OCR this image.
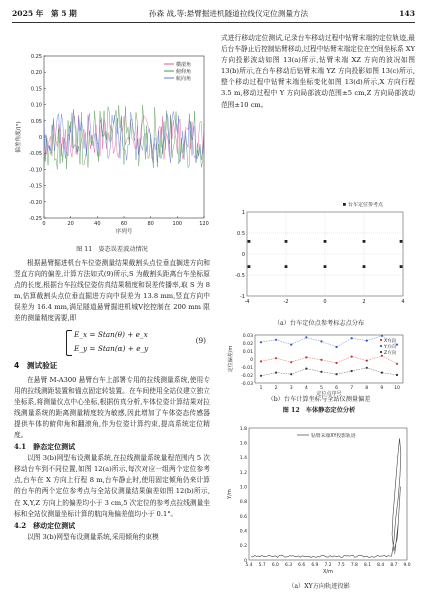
2025 年　第 5 期	孙森 战,等:悬臂掘进机隧道拉线仪定位测量方法	143
0.25
0.20
0.15
0.10
0.05
0
-0.05
-0.10
-0.15
-0.20
-0.25
0	20	40	60	80	100	120
序列号
偏差角度/(°)
横滚角
俯仰角
航向角
图 11　姿态误差波动情况

根据悬臂掘进机台车位姿测量结果截割头点位垂直搁进方向和竖直方向的偏差,计算方法如式(9)所示,S 为截割头距离台车坐标原点的长度,根据台车拉线位姿仿真结果精度和误差传播率,取 S 为 8 m,估算截割头点位垂直掘进方向中误差为 13.8 mm,竖直方向中误差为 16.4 mm,满足隧道悬臂掘进机城V挖控制在 200 mm 限差的测量精度需要,即

E_x = Stan(θ) + e_x
E_y = Stan(α) + e_y
(9)
4　测试验证

在悬臂 M-A300 悬臂台车上部署专用的拉线测量系统,使用专用的拉线测距装置和锚点固定转装置。在车间使用全站仪建立独立坐标系,将测量仪点中心坐标,根据仿真分析,车体位姿计算结果对拉线测量系统的距离测量精度较为敏感,因此增加了车体姿态传感器提供车体的俯仰角和翻滚角,作为位姿计算约束,提高系统定位精度。

4.1　静态定位测试

以图 3(b)网型布设测量系统,在拉线测量系统量程范围内 5 次移动台车到不同位置,如图 12(a)所示,每次对应一组两个定位参考点,台车在 X 方向上行程 8 m,台车静止时,使用固定倾角仍来计算的台车的两个定位参考点与全站仪测量结果偏差如图 12(b)所示,在 X,Y,Z 方向上的偏差均小于 3 cm,5 次定位的参考点拉线测量坐标和全站仪测量坐标计算的航向角偏差值均小于 0.1°。

4.2　移动定位测试

以图 3(b)网型布设测量系统,采用倾角约束模

式进行移动定位测试,记录台车移动过程中钻臂末端的定位轨迹,最后台车静止后控制钻臂移动,过程中钻臂末端定位在空间坐标系 XY 方向投影波动如图 13(a)所示,钻臂末端 XZ 方向的波况如图 13(b)所示,在台车移动后钻臂末端 YZ 方向投影如图 13(c)所示,整个移动过程中钻臂末端坐标变化如图 13(d)所示,X 方向行程 3.5 m,移动过程中 Y 方向局部波动范围±5 cm,Z 方向局部波动范围±10 cm。

1
0.5
0
-0.5
-1
-4	-2	0	2	4
台车定位参考点
（a）台车定位点参考标志点分布
0.03
0.02
0.01
0
-0.01
-0.02
-0.03
1	2	3	4	5	6	7	8	9 10
定位点序号
定位偏差/m
X方向
Y方向
Z方向
（b）台车计算坐标与全站仪测量偏差
图 12　车体静态定位分析
1.8
1.6
1.4
1.2
1.0
0.8
0.6
0.4
0.2
0
5.4 5.7 6.0 6.3 6.6 6.9 7.2 7.5 7.8 8.1 8.4 8.7 9.0
X/m
Y/m
钻臂末端XY投影轨迹
（a）XY方向轨迹投影
